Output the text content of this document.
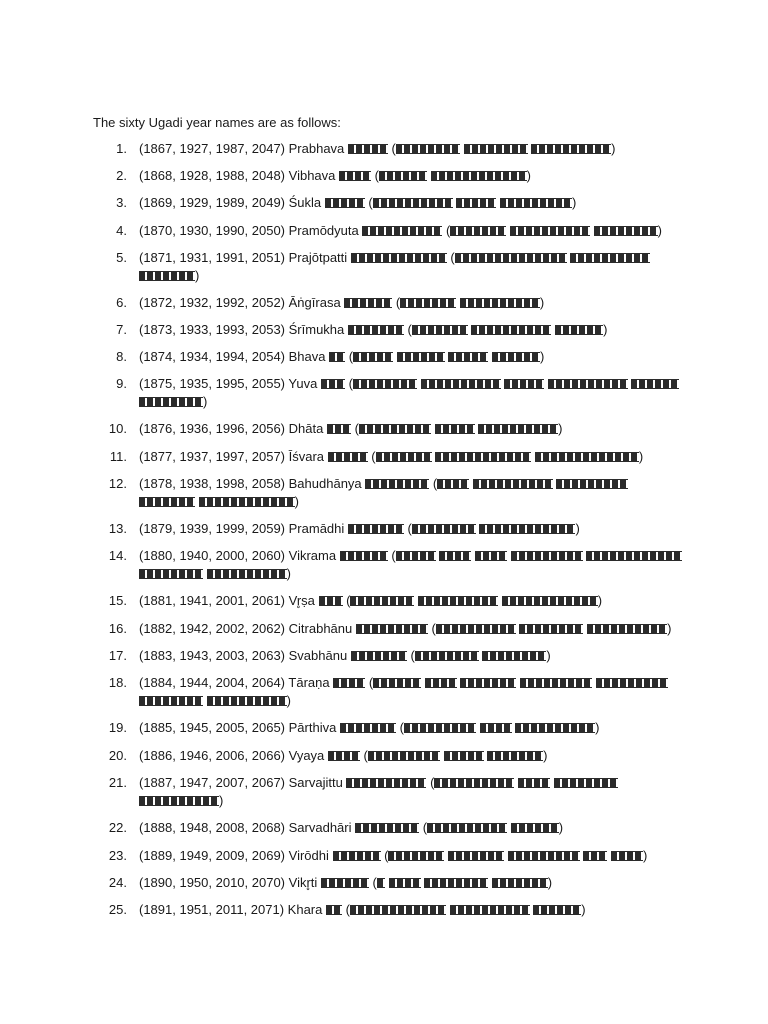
The sixty Ugadi year names are as follows:
1. (1867, 1927, 1987, 2047) Prabhava	(	)
2. (1868, 1928, 1988, 2048) Vibhava	(	)
3. (1869, 1929, 1989, 2049) Śukla	(	)
4. (1870, 1930, 1990, 2050) Pramōdyuta	(	)
5. (1871, 1931, 1991, 2051) Prajōtpatti	(  )
6. (1872, 1932, 1992, 2052) Āṅgīrasa	(	)
7. (1873, 1933, 1993, 2053) Śrīmukha	(	)
8. (1874, 1934, 1994, 2054) Bhava  (	)
9. (1875, 1935, 1995, 2055) Yuva  (     )
10. (1876, 1936, 1996, 2056) Dhāta  (	)
11. (1877, 1937, 1997, 2057) Īśvara	(	)
12. (1878, 1938, 1998, 2058) Bahudhānya	(    )
13. (1879, 1939, 1999, 2059) Pramādhi	(	)
14. (1880, 1940, 2000, 2060) Vikrama	(      )
15. (1881, 1941, 2001, 2061) Vr̥ṣa  (	)
16. (1882, 1942, 2002, 2062) Citrabhānu	(	)
17. (1883, 1943, 2003, 2063) Svabhānu	(	)
18. (1884, 1944, 2004, 2064) Tāraṇa	(      )
19. (1885, 1945, 2005, 2065) Pārthiva	(	)
20. (1886, 1946, 2006, 2066) Vyaya	(	)
21. (1887, 1947, 2007, 2067) Sarvajittu	(   )
22. (1888, 1948, 2008, 2068) Sarvadhāri	(	)
23. (1889, 1949, 2009, 2069) Virōdhi	(	)
24. (1890, 1950, 2010, 2070) Vikr̥ti	(	)
25. (1891, 1951, 2011, 2071) Khara  (	)
